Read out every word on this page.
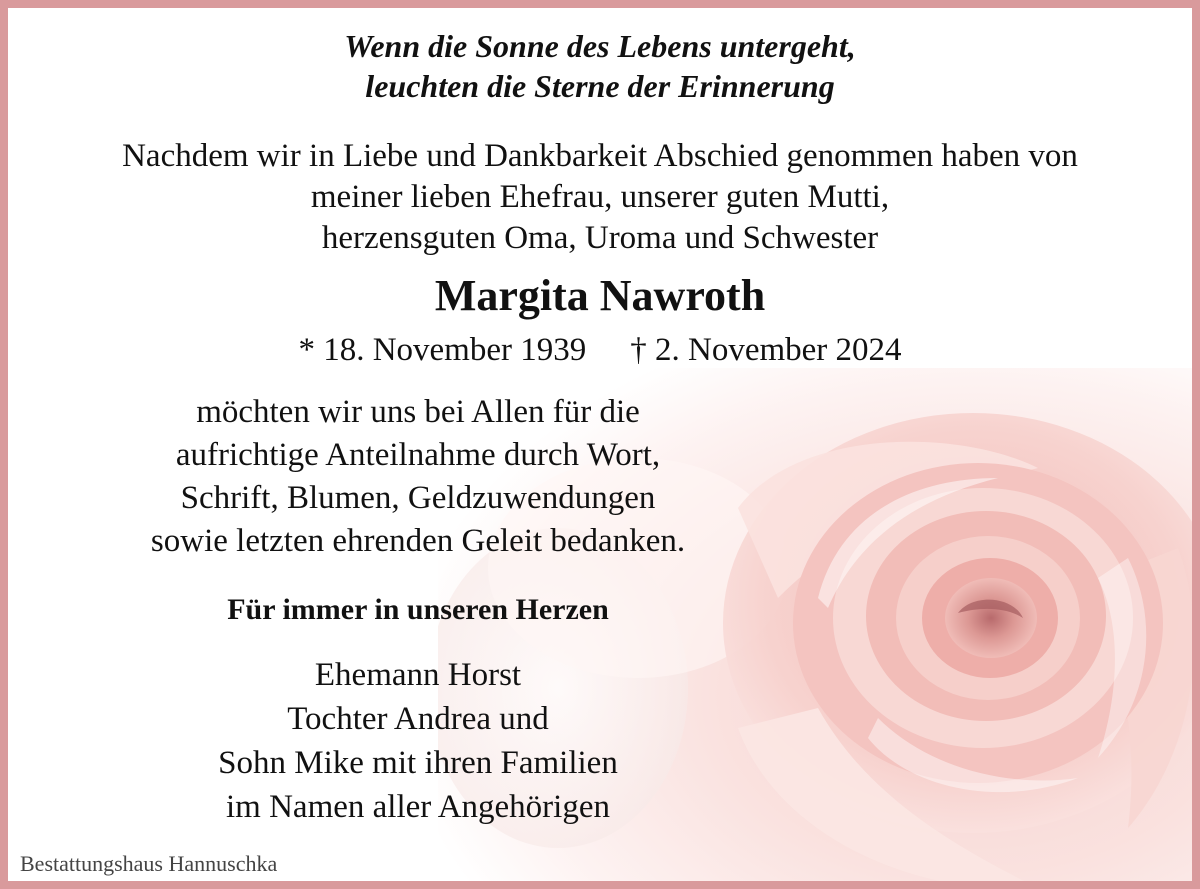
Wenn die Sonne des Lebens untergeht,
leuchten die Sterne der Erinnerung
Nachdem wir in Liebe und Dankbarkeit Abschied genommen haben von
meiner lieben Ehefrau, unserer guten Mutti,
herzensguten Oma, Uroma und Schwester
Margita Nawroth
* 18. November 1939 † 2. November 2024
möchten wir uns bei Allen für die
aufrichtige Anteilnahme durch Wort,
Schrift, Blumen, Geldzuwendungen
sowie letzten ehrenden Geleit bedanken.
Für immer in unseren Herzen
Ehemann Horst
Tochter Andrea und
Sohn Mike mit ihren Familien
im Namen aller Angehörigen
Bestattungshaus Hannuschka
